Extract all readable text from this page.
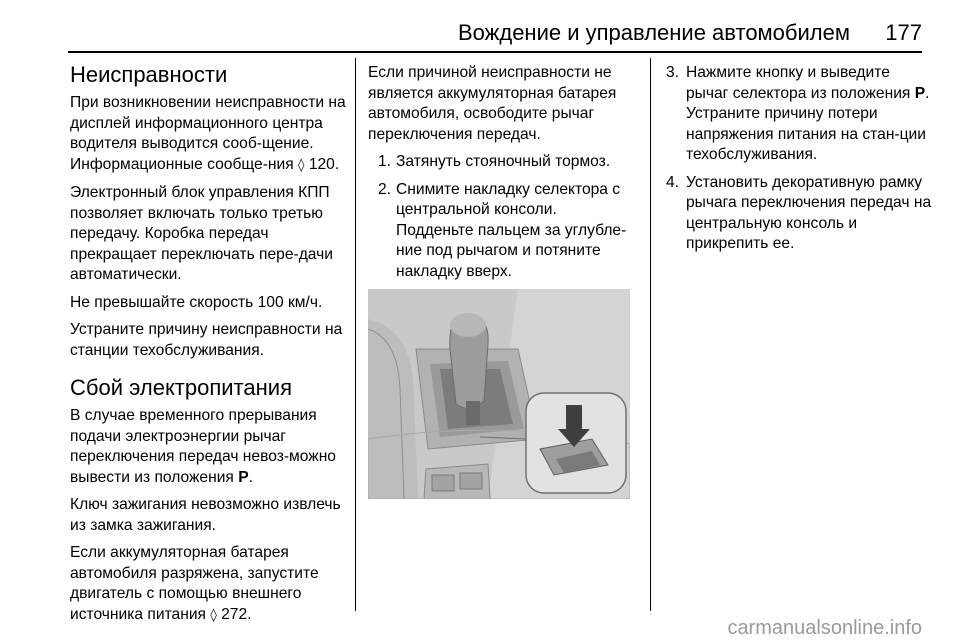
Вождение и управление автомобилем 177
Неисправности

При возникновении неисправности на дисплей информационного центра водителя выводится сооб-щение. Информационные сообще-ния ◊ 120.

Электронный блок управления КПП позволяет включать только третью передачу. Коробка передач прекращает переключать пере-дачи автоматически.

Не превышайте скорость 100 км/ч.

Устраните причину неисправности на станции техобслуживания.

Сбой электропитания

В случае временного прерывания подачи электроэнергии рычаг переключения передач невоз-можно вывести из положения P.

Ключ зажигания невозможно извлечь из замка зажигания.

Если аккумуляторная батарея автомобиля разряжена, запустите двигатель с помощью внешнего источника питания ◊ 272.

Если причиной неисправности не является аккумуляторная батарея автомобиля, освободите рычаг переключения передач.

1. Затянуть стояночный тормоз.
2. Снимите накладку селектора с центральной консоли.
Подденьте пальцем за углубле-ние под рычагом и потяните накладку вверх.
3. Нажмите кнопку и выведите рычаг селектора из положения P. Устраните причину потери напряжения питания на стан-ции техобслуживания.
4. Установить декоративную рамку рычага переключения передач на центральную консоль и прикрепить ее.
carmanualsonline.info
